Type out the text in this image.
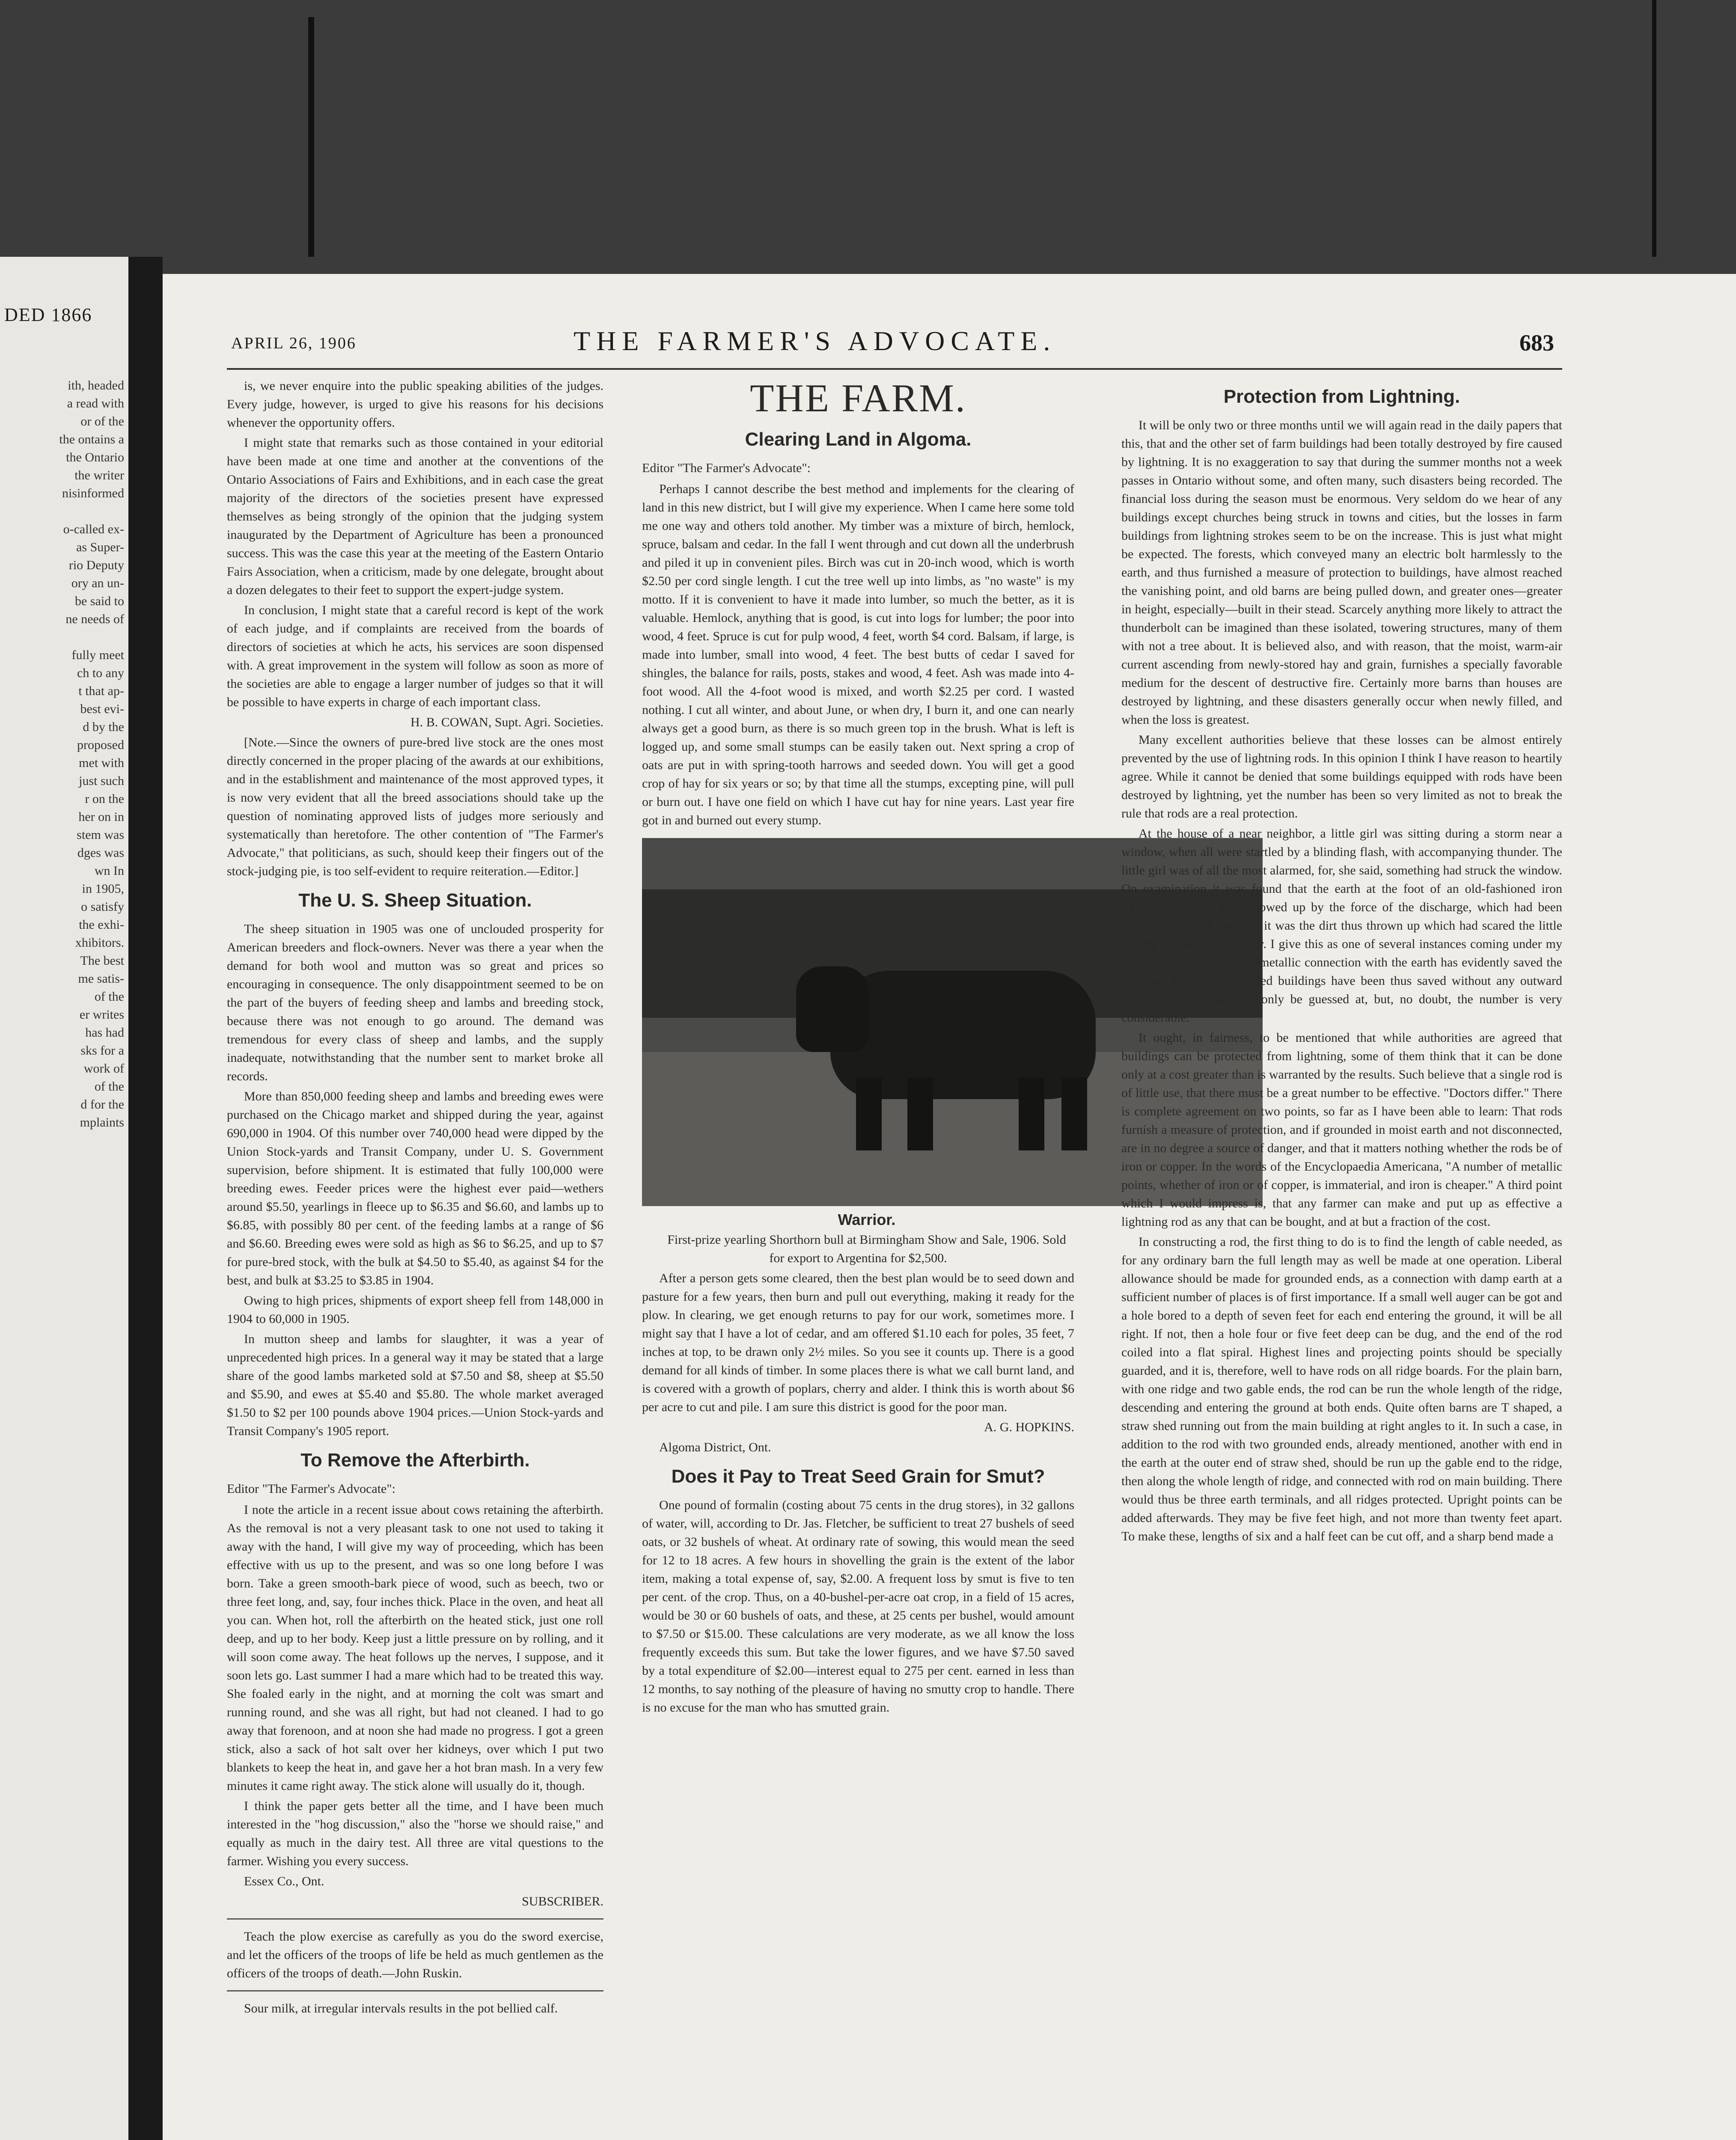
DED 1866
ith, headed
a read with
or of the
the ontains a
the Ontario
the writer
nisinformed

o-called ex-
as Super-
rio Deputy
ory an un-
be said to
ne needs of

fully meet
ch to any
t that ap-
best evi-
d by the
proposed
met with
just such
r on the
her on in
stem was
dges was
wn In
in 1905,
o satisfy
the exhi-
xhibitors.
The best
me satis-
of the
er writes
has had
sks for a
work of
of the
d for the
mplaints
APRIL 26, 1906	THE FARMER'S ADVOCATE.	683

is, we never enquire into the public speaking abilities of the judges. Every judge, however, is urged to give his reasons for his decisions whenever the opportunity offers.

I might state that remarks such as those contained in your editorial have been made at one time and another at the conventions of the Ontario Associations of Fairs and Exhibitions, and in each case the great majority of the directors of the societies present have expressed themselves as being strongly of the opinion that the judging system inaugurated by the Department of Agriculture has been a pronounced success. This was the case this year at the meeting of the Eastern Ontario Fairs Association, when a criticism, made by one delegate, brought about a dozen delegates to their feet to support the expert-judge system.

In conclusion, I might state that a careful record is kept of the work of each judge, and if complaints are received from the boards of directors of societies at which he acts, his services are soon dispensed with. A great improvement in the system will follow as soon as more of the societies are able to engage a larger number of judges so that it will be possible to have experts in charge of each important class.

H. B. COWAN, Supt. Agri. Societies.

[Note.—Since the owners of pure-bred live stock are the ones most directly concerned in the proper placing of the awards at our exhibitions, and in the establishment and maintenance of the most approved types, it is now very evident that all the breed associations should take up the question of nominating approved lists of judges more seriously and systematically than heretofore. The other contention of "The Farmer's Advocate," that politicians, as such, should keep their fingers out of the stock-judging pie, is too self-evident to require reiteration.—Editor.]

The U. S. Sheep Situation.

The sheep situation in 1905 was one of unclouded prosperity for American breeders and flock-owners. Never was there a year when the demand for both wool and mutton was so great and prices so encouraging in consequence. The only disappointment seemed to be on the part of the buyers of feeding sheep and lambs and breeding stock, because there was not enough to go around. The demand was tremendous for every class of sheep and lambs, and the supply inadequate, notwithstanding that the number sent to market broke all records.

More than 850,000 feeding sheep and lambs and breeding ewes were purchased on the Chicago market and shipped during the year, against 690,000 in 1904. Of this number over 740,000 head were dipped by the Union Stock-yards and Transit Company, under U. S. Government supervision, before shipment. It is estimated that fully 100,000 were breeding ewes. Feeder prices were the highest ever paid—wethers around $5.50, yearlings in fleece up to $6.35 and $6.60, and lambs up to $6.85, with possibly 80 per cent. of the feeding lambs at a range of $6 and $6.60. Breeding ewes were sold as high as $6 to $6.25, and up to $7 for pure-bred stock, with the bulk at $4.50 to $5.40, as against $4 for the best, and bulk at $3.25 to $3.85 in 1904.

Owing to high prices, shipments of export sheep fell from 148,000 in 1904 to 60,000 in 1905.

In mutton sheep and lambs for slaughter, it was a year of unprecedented high prices. In a general way it may be stated that a large share of the good lambs marketed sold at $7.50 and $8, sheep at $5.50 and $5.90, and ewes at $5.40 and $5.80. The whole market averaged $1.50 to $2 per 100 pounds above 1904 prices.—Union Stock-yards and Transit Company's 1905 report.

To Remove the Afterbirth.

Editor "The Farmer's Advocate":

I note the article in a recent issue about cows retaining the afterbirth. As the removal is not a very pleasant task to one not used to taking it away with the hand, I will give my way of proceeding, which has been effective with us up to the present, and was so one long before I was born. Take a green smooth-bark piece of wood, such as beech, two or three feet long, and, say, four inches thick. Place in the oven, and heat all you can. When hot, roll the afterbirth on the heated stick, just one roll deep, and up to her body. Keep just a little pressure on by rolling, and it will soon come away. The heat follows up the nerves, I suppose, and it soon lets go. Last summer I had a mare which had to be treated this way. She foaled early in the night, and at morning the colt was smart and running round, and she was all right, but had not cleaned. I had to go away that forenoon, and at noon she had made no progress. I got a green stick, also a sack of hot salt over her kidneys, over which I put two blankets to keep the heat in, and gave her a hot bran mash. In a very few minutes it came right away. The stick alone will usually do it, though.

I think the paper gets better all the time, and I have been much interested in the "hog discussion," also the "horse we should raise," and equally as much in the dairy test. All three are vital questions to the farmer. Wishing you every success.

Essex Co., Ont.

SUBSCRIBER.

Teach the plow exercise as carefully as you do the sword exercise, and let the officers of the troops of life be held as much gentlemen as the officers of the troops of death.—John Ruskin.

Sour milk, at irregular intervals results in the pot bellied calf.

THE FARM.
Clearing Land in Algoma.

Editor "The Farmer's Advocate":

Perhaps I cannot describe the best method and implements for the clearing of land in this new district, but I will give my experience. When I came here some told me one way and others told another. My timber was a mixture of birch, hemlock, spruce, balsam and cedar. In the fall I went through and cut down all the underbrush and piled it up in convenient piles. Birch was cut in 20-inch wood, which is worth $2.50 per cord single length. I cut the tree well up into limbs, as "no waste" is my motto. If it is convenient to have it made into lumber, so much the better, as it is valuable. Hemlock, anything that is good, is cut into logs for lumber; the poor into wood, 4 feet. Spruce is cut for pulp wood, 4 feet, worth $4 cord. Balsam, if large, is made into lumber, small into wood, 4 feet. The best butts of cedar I saved for shingles, the balance for rails, posts, stakes and wood, 4 feet. Ash was made into 4-foot wood. All the 4-foot wood is mixed, and worth $2.25 per cord. I wasted nothing. I cut all winter, and about June, or when dry, I burn it, and one can nearly always get a good burn, as there is so much green top in the brush. What is left is logged up, and some small stumps can be easily taken out. Next spring a crop of oats are put in with spring-tooth harrows and seeded down. You will get a good crop of hay for six years or so; by that time all the stumps, excepting pine, will pull or burn out. I have one field on which I have cut hay for nine years. Last year fire got in and burned out every stump.

Warrior.

First-prize yearling Shorthorn bull at Birmingham Show and Sale, 1906. Sold for export to Argentina for $2,500.

After a person gets some cleared, then the best plan would be to seed down and pasture for a few years, then burn and pull out everything, making it ready for the plow. In clearing, we get enough returns to pay for our work, sometimes more. I might say that I have a lot of cedar, and am offered $1.10 each for poles, 35 feet, 7 inches at top, to be drawn only 2½ miles. So you see it counts up. There is a good demand for all kinds of timber. In some places there is what we call burnt land, and is covered with a growth of poplars, cherry and alder. I think this is worth about $6 per acre to cut and pile. I am sure this district is good for the poor man.

A. G. HOPKINS.

Algoma District, Ont.

Does it Pay to Treat Seed Grain for Smut?

One pound of formalin (costing about 75 cents in the drug stores), in 32 gallons of water, will, according to Dr. Jas. Fletcher, be sufficient to treat 27 bushels of seed oats, or 32 bushels of wheat. At ordinary rate of sowing, this would mean the seed for 12 to 18 acres. A few hours in shovelling the grain is the extent of the labor item, making a total expense of, say, $2.00. A frequent loss by smut is five to ten per cent. of the crop. Thus, on a 40-bushel-per-acre oat crop, in a field of 15 acres, would be 30 or 60 bushels of oats, and these, at 25 cents per bushel, would amount to $7.50 or $15.00. These calculations are very moderate, as we all know the loss frequently exceeds this sum. But take the lower figures, and we have $7.50 saved by a total expenditure of $2.00—interest equal to 275 per cent. earned in less than 12 months, to say nothing of the pleasure of having no smutty crop to handle. There is no excuse for the man who has smutted grain.

Protection from Lightning.

It will be only two or three months until we will again read in the daily papers that this, that and the other set of farm buildings had been totally destroyed by fire caused by lightning. It is no exaggeration to say that during the summer months not a week passes in Ontario without some, and often many, such disasters being recorded. The financial loss during the season must be enormous. Very seldom do we hear of any buildings except churches being struck in towns and cities, but the losses in farm buildings from lightning strokes seem to be on the increase. This is just what might be expected. The forests, which conveyed many an electric bolt harmlessly to the earth, and thus furnished a measure of protection to buildings, have almost reached the vanishing point, and old barns are being pulled down, and greater ones—greater in height, especially—built in their stead. Scarcely anything more likely to attract the thunderbolt can be imagined than these isolated, towering structures, many of them with not a tree about. It is believed also, and with reason, that the moist, warm-air current ascending from newly-stored hay and grain, furnishes a specially favorable medium for the descent of destructive fire. Certainly more barns than houses are destroyed by lightning, and these disasters generally occur when newly filled, and when the loss is greatest.

Many excellent authorities believe that these losses can be almost entirely prevented by the use of lightning rods. In this opinion I think I have reason to heartily agree. While it cannot be denied that some buildings equipped with rods have been destroyed by lightning, yet the number has been so very limited as not to break the rule that rods are a real protection.

At the house of a near neighbor, a little girl was sitting during a storm near a window, when all were startled by a blinding flash, with accompanying thunder. The little girl was of all the most alarmed, for, she said, something had struck the window. On examination it was found that the earth at the foot of an old-fashioned iron lightning rod had been plowed up by the force of the discharge, which had been safely carried off, and that it was the dirt thus thrown up which had scared the little girl by striking the window. I give this as one of several instances coming under my own observation, where a metallic connection with the earth has evidently saved the building. How many rodded buildings have been thus saved without any outward evidence of the fact can only be guessed at, but, no doubt, the number is very considerable.

It ought, in fairness, to be mentioned that while authorities are agreed that buildings can be protected from lightning, some of them think that it can be done only at a cost greater than is warranted by the results. Such believe that a single rod is of little use, that there must be a great number to be effective. "Doctors differ." There is complete agreement on two points, so far as I have been able to learn: That rods furnish a measure of protection, and if grounded in moist earth and not disconnected, are in no degree a source of danger, and that it matters nothing whether the rods be of iron or copper. In the words of the Encyclopaedia Americana, "A number of metallic points, whether of iron or of copper, is immaterial, and iron is cheaper." A third point which I would impress is, that any farmer can make and put up as effective a lightning rod as any that can be bought, and at but a fraction of the cost.

In constructing a rod, the first thing to do is to find the length of cable needed, as for any ordinary barn the full length may as well be made at one operation. Liberal allowance should be made for grounded ends, as a connection with damp earth at a sufficient number of places is of first importance. If a small well auger can be got and a hole bored to a depth of seven feet for each end entering the ground, it will be all right. If not, then a hole four or five feet deep can be dug, and the end of the rod coiled into a flat spiral. Highest lines and projecting points should be specially guarded, and it is, therefore, well to have rods on all ridge boards. For the plain barn, with one ridge and two gable ends, the rod can be run the whole length of the ridge, descending and entering the ground at both ends. Quite often barns are T shaped, a straw shed running out from the main building at right angles to it. In such a case, in addition to the rod with two grounded ends, already mentioned, another with end in the earth at the outer end of straw shed, should be run up the gable end to the ridge, then along the whole length of ridge, and connected with rod on main building. There would thus be three earth terminals, and all ridges protected. Upright points can be added afterwards. They may be five feet high, and not more than twenty feet apart. To make these, lengths of six and a half feet can be cut off, and a sharp bend made a
